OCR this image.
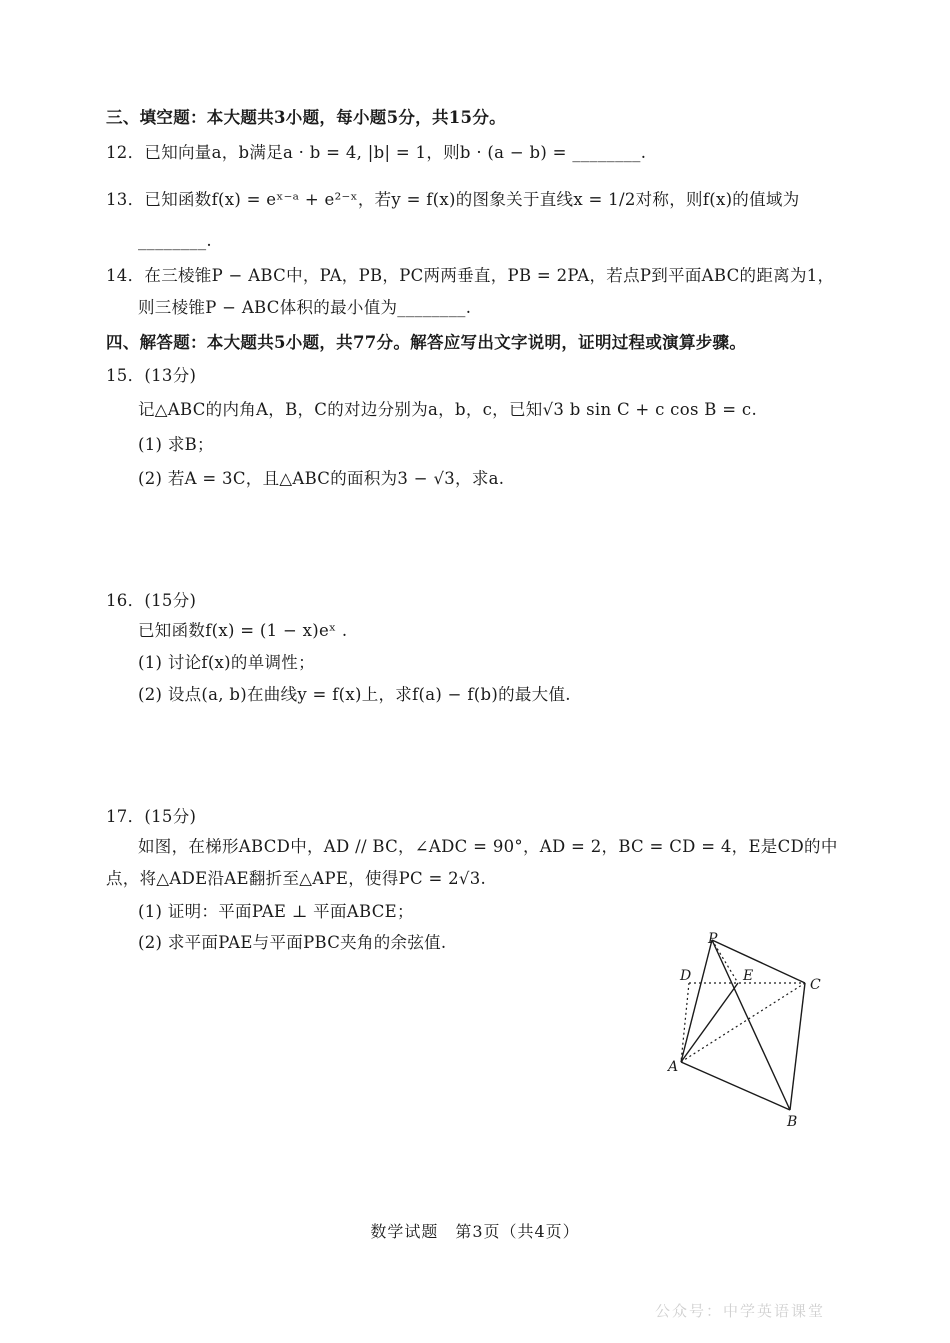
三、填空题：本大题共3小题，每小题5分，共15分。
12．已知向量a，b满足a · b = 4, |b| = 1，则b · (a − b) = ________.
13．已知函数f(x) = eˣ⁻ᵃ + e²⁻ˣ，若y = f(x)的图象关于直线x = 1/2对称，则f(x)的值域为
________.
14．在三棱锥P − ABC中，PA，PB，PC两两垂直，PB = 2PA，若点P到平面ABC的距离为1，
则三棱锥P − ABC体积的最小值为________.
四、解答题：本大题共5小题，共77分。解答应写出文字说明，证明过程或演算步骤。
15．(13分)
记△ABC的内角A，B，C的对边分别为a，b，c，已知√3 b sin C + c cos B = c.
(1) 求B；
(2) 若A = 3C，且△ABC的面积为3 − √3，求a.
16．(15分)
已知函数f(x) = (1 − x)eˣ .
(1) 讨论f(x)的单调性；
(2) 设点(a, b)在曲线y = f(x)上，求f(a) − f(b)的最大值.
17．(15分)
如图，在梯形ABCD中，AD // BC，∠ADC = 90°，AD = 2，BC = CD = 4，E是CD的中
点，将△ADE沿AE翻折至△APE，使得PC = 2√3.
(1) 证明：平面PAE ⊥ 平面ABCE；
(2) 求平面PAE与平面PBC夹角的余弦值.	P
D	E
C
A
B
数学试题　第3页（共4页）
公众号：中学英语课堂
